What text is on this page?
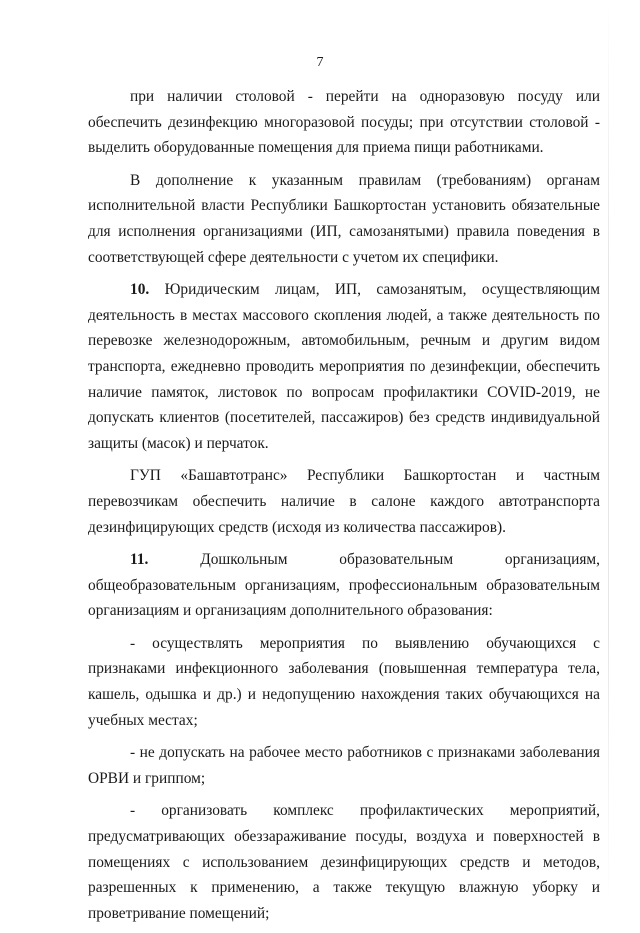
7

при наличии столовой - перейти на одноразовую посуду или обеспечить дезинфекцию многоразовой посуды; при отсутствии столовой - выделить оборудованные помещения для приема пищи работниками.

В дополнение к указанным правилам (требованиям) органам исполнительной власти Республики Башкортостан установить обязательные для исполнения организациями (ИП, самозанятыми) правила поведения в соответствующей сфере деятельности с учетом их специфики.

10. Юридическим лицам, ИП, самозанятым, осуществляющим деятельность в местах массового скопления людей, а также деятельность по перевозке железнодорожным, автомобильным, речным и другим видом транспорта, ежедневно проводить мероприятия по дезинфекции, обеспечить наличие памяток, листовок по вопросам профилактики COVID-2019, не допускать клиентов (посетителей, пассажиров) без средств индивидуальной защиты (масок) и перчаток.

ГУП «Башавтотранс» Республики Башкортостан и частным перевозчикам обеспечить наличие в салоне каждого автотранспорта дезинфицирующих средств (исходя из количества пассажиров).

11.	Дошкольным образовательным организациям, общеобразовательным организациям, профессиональным образовательным организациям и организациям дополнительного образования:

- осуществлять мероприятия по выявлению обучающихся с признаками инфекционного заболевания (повышенная температура тела, кашель, одышка и др.) и недопущению нахождения таких обучающихся на учебных местах;

- не допускать на рабочее место работников с признаками заболевания ОРВИ и гриппом;

- организовать комплекс профилактических мероприятий, предусматривающих обеззараживание посуды, воздуха и поверхностей в помещениях с использованием дезинфицирующих средств и методов, разрешенных к применению, а также текущую влажную уборку и проветривание помещений;
